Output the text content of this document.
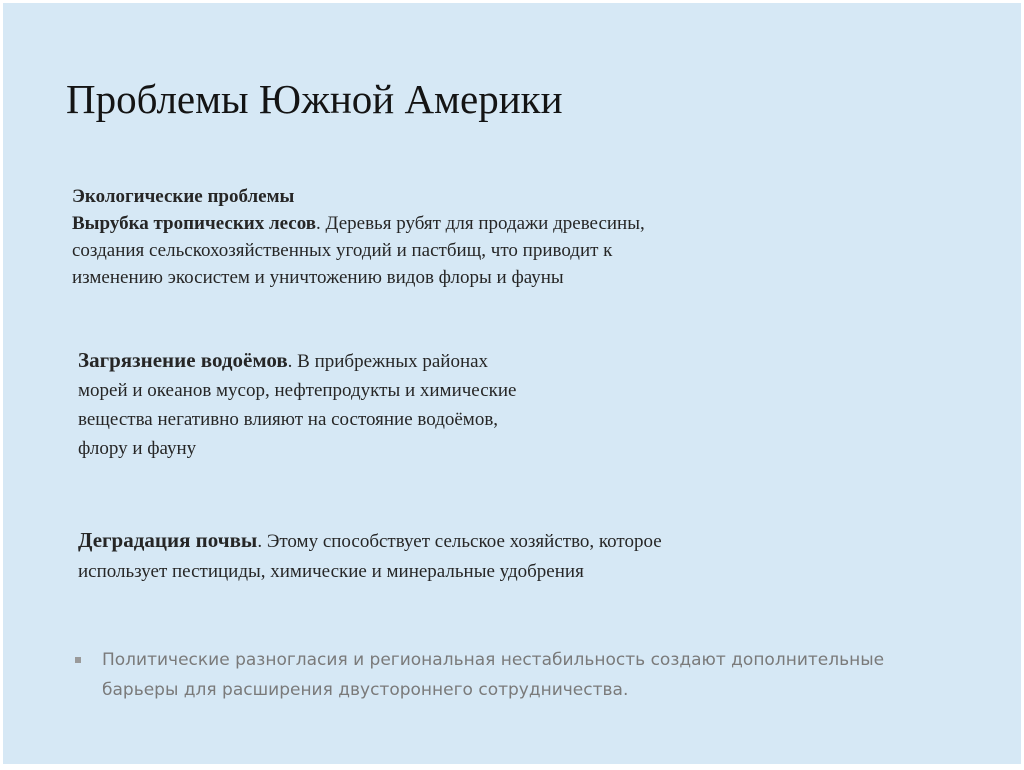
Проблемы Южной Америки
Экологические проблемы
Вырубка тропических лесов. Деревья рубят для продажи древесины,
создания сельскохозяйственных угодий и пастбищ, что приводит к
изменению экосистем и уничтожению видов флоры и фауны
Загрязнение водоёмов. В прибрежных районах
морей и океанов мусор, нефтепродукты и химические
вещества негативно влияют на состояние водоёмов,
флору и фауну
Деградация почвы. Этому способствует сельское хозяйство, которое
использует пестициды, химические и минеральные удобрения
Политические разногласия и региональная нестабильность создают дополнительные
барьеры для расширения двустороннего сотрудничества.
